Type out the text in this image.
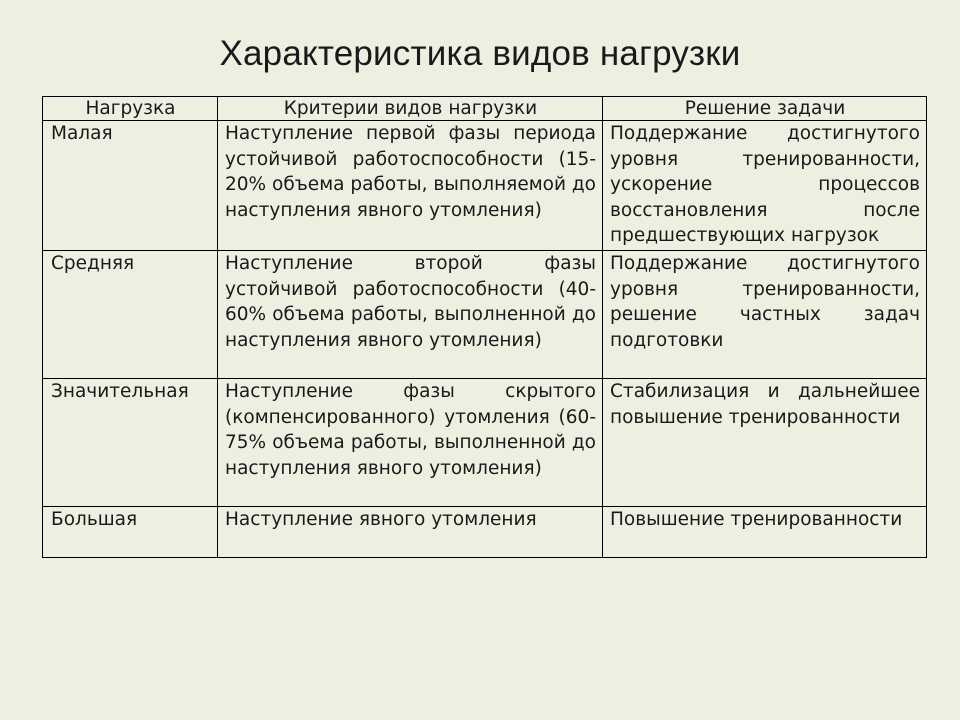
Характеристика видов нагрузки
Нагрузка	Критерии видов нагрузки	Решение задачи
Малая	Наступление первой фазы периода устойчивой работоспособности (15-20% объема работы, выполняемой до наступления явного утомления)	Поддержание достигнутого уровня тренированности, ускорение процессов восстановления после предшествующих нагрузок
Средняя	Наступление второй фазы устойчивой работоспособности (40-60% объема работы, выполненной до наступления явного утомления)	Поддержание достигнутого уровня тренированности, решение частных задач подготовки
Значительная	Наступление фазы скрытого (компенсированного) утомления (60-75% объема работы, выполненной до наступления явного утомления)	Стабилизация и дальнейшее повышение тренированности
Большая	Наступление явного утомления	Повышение тренированности
